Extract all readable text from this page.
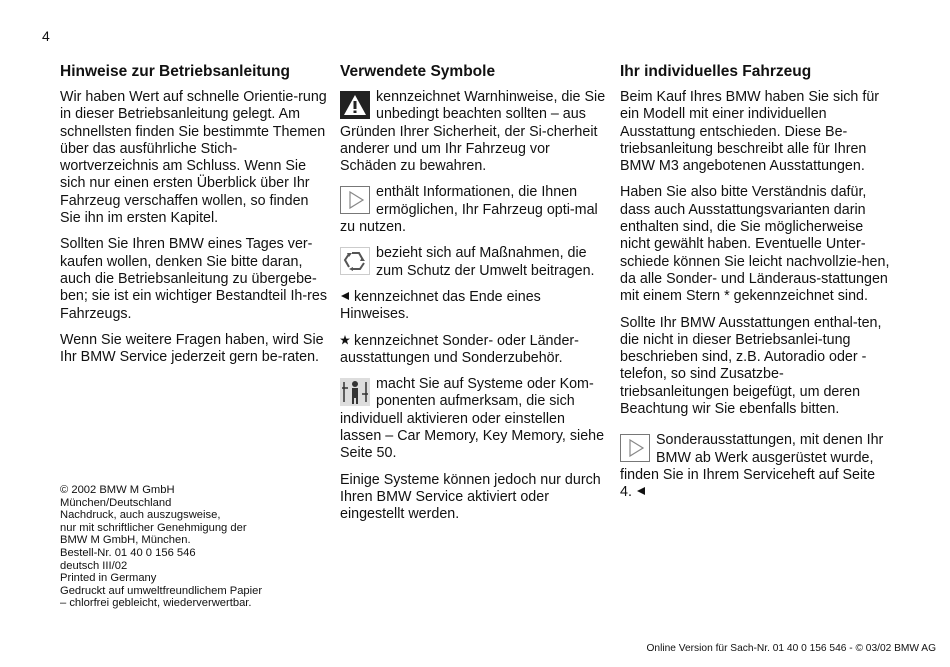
4
Hinweise zur Betriebsanleitung

Wir haben Wert auf schnelle Orientie-rung in dieser Betriebsanleitung gelegt. Am schnellsten finden Sie bestimmte Themen über das ausführliche Stich-wortverzeichnis am Schluss. Wenn Sie sich nur einen ersten Überblick über Ihr Fahrzeug verschaffen wollen, so finden Sie ihn im ersten Kapitel.

Sollten Sie Ihren BMW eines Tages ver-kaufen wollen, denken Sie bitte daran, auch die Betriebsanleitung zu übergebe-ben; sie ist ein wichtiger Bestandteil Ih-res Fahrzeugs.

Wenn Sie weitere Fragen haben, wird Sie Ihr BMW Service jederzeit gern be-raten.

© 2002 BMW M GmbH
München/Deutschland
Nachdruck, auch auszugsweise,
nur mit schriftlicher Genehmigung der
BMW M GmbH, München.
Bestell-Nr. 01 40 0 156 546
deutsch III/02
Printed in Germany
Gedruckt auf umweltfreundlichem Papier
– chlorfrei gebleicht, wiederverwertbar.
Verwendete Symbole
kennzeichnet Warnhinweise, die Sie unbedingt beachten sollten – aus Gründen Ihrer Sicherheit, der Si-cherheit anderer und um Ihr Fahrzeug vor Schäden zu bewahren.
enthält Informationen, die Ihnen ermöglichen, Ihr Fahrzeug opti-mal zu nutzen.
bezieht sich auf Maßnahmen, die zum Schutz der Umwelt beitragen.

kennzeichnet das Ende eines Hinweises.

kennzeichnet Sonder- oder Länder-ausstattungen und Sonderzubehör.

macht Sie auf Systeme oder Kom-ponenten aufmerksam, die sich individuell aktivieren oder einstellen lassen – Car Memory, Key Memory, siehe Seite 50.

Einige Systeme können jedoch nur durch Ihren BMW Service aktiviert oder eingestellt werden.

Ihr individuelles Fahrzeug

Beim Kauf Ihres BMW haben Sie sich für ein Modell mit einer individuellen Ausstattung entschieden. Diese Be-triebsanleitung beschreibt alle für Ihren BMW M3 angebotenen Ausstattungen.

Haben Sie also bitte Verständnis dafür, dass auch Ausstattungsvarianten darin enthalten sind, die Sie möglicherweise nicht gewählt haben. Eventuelle Unter-schiede können Sie leicht nachvollzie-hen, da alle Sonder- und Länderaus-stattungen mit einem Stern * gekennzeichnet sind.

Sollte Ihr BMW Ausstattungen enthal-ten, die nicht in dieser Betriebsanlei-tung beschrieben sind, z.B. Autoradio oder -telefon, so sind Zusatzbe-triebsanleitungen beigefügt, um deren Beachtung wir Sie ebenfalls bitten.

Sonderausstattungen, mit denen Ihr BMW ab Werk ausgerüstet wurde, finden Sie in Ihrem Serviceheft auf Seite 4.
Online Version für Sach-Nr. 01 40 0 156 546 - © 03/02 BMW AG
